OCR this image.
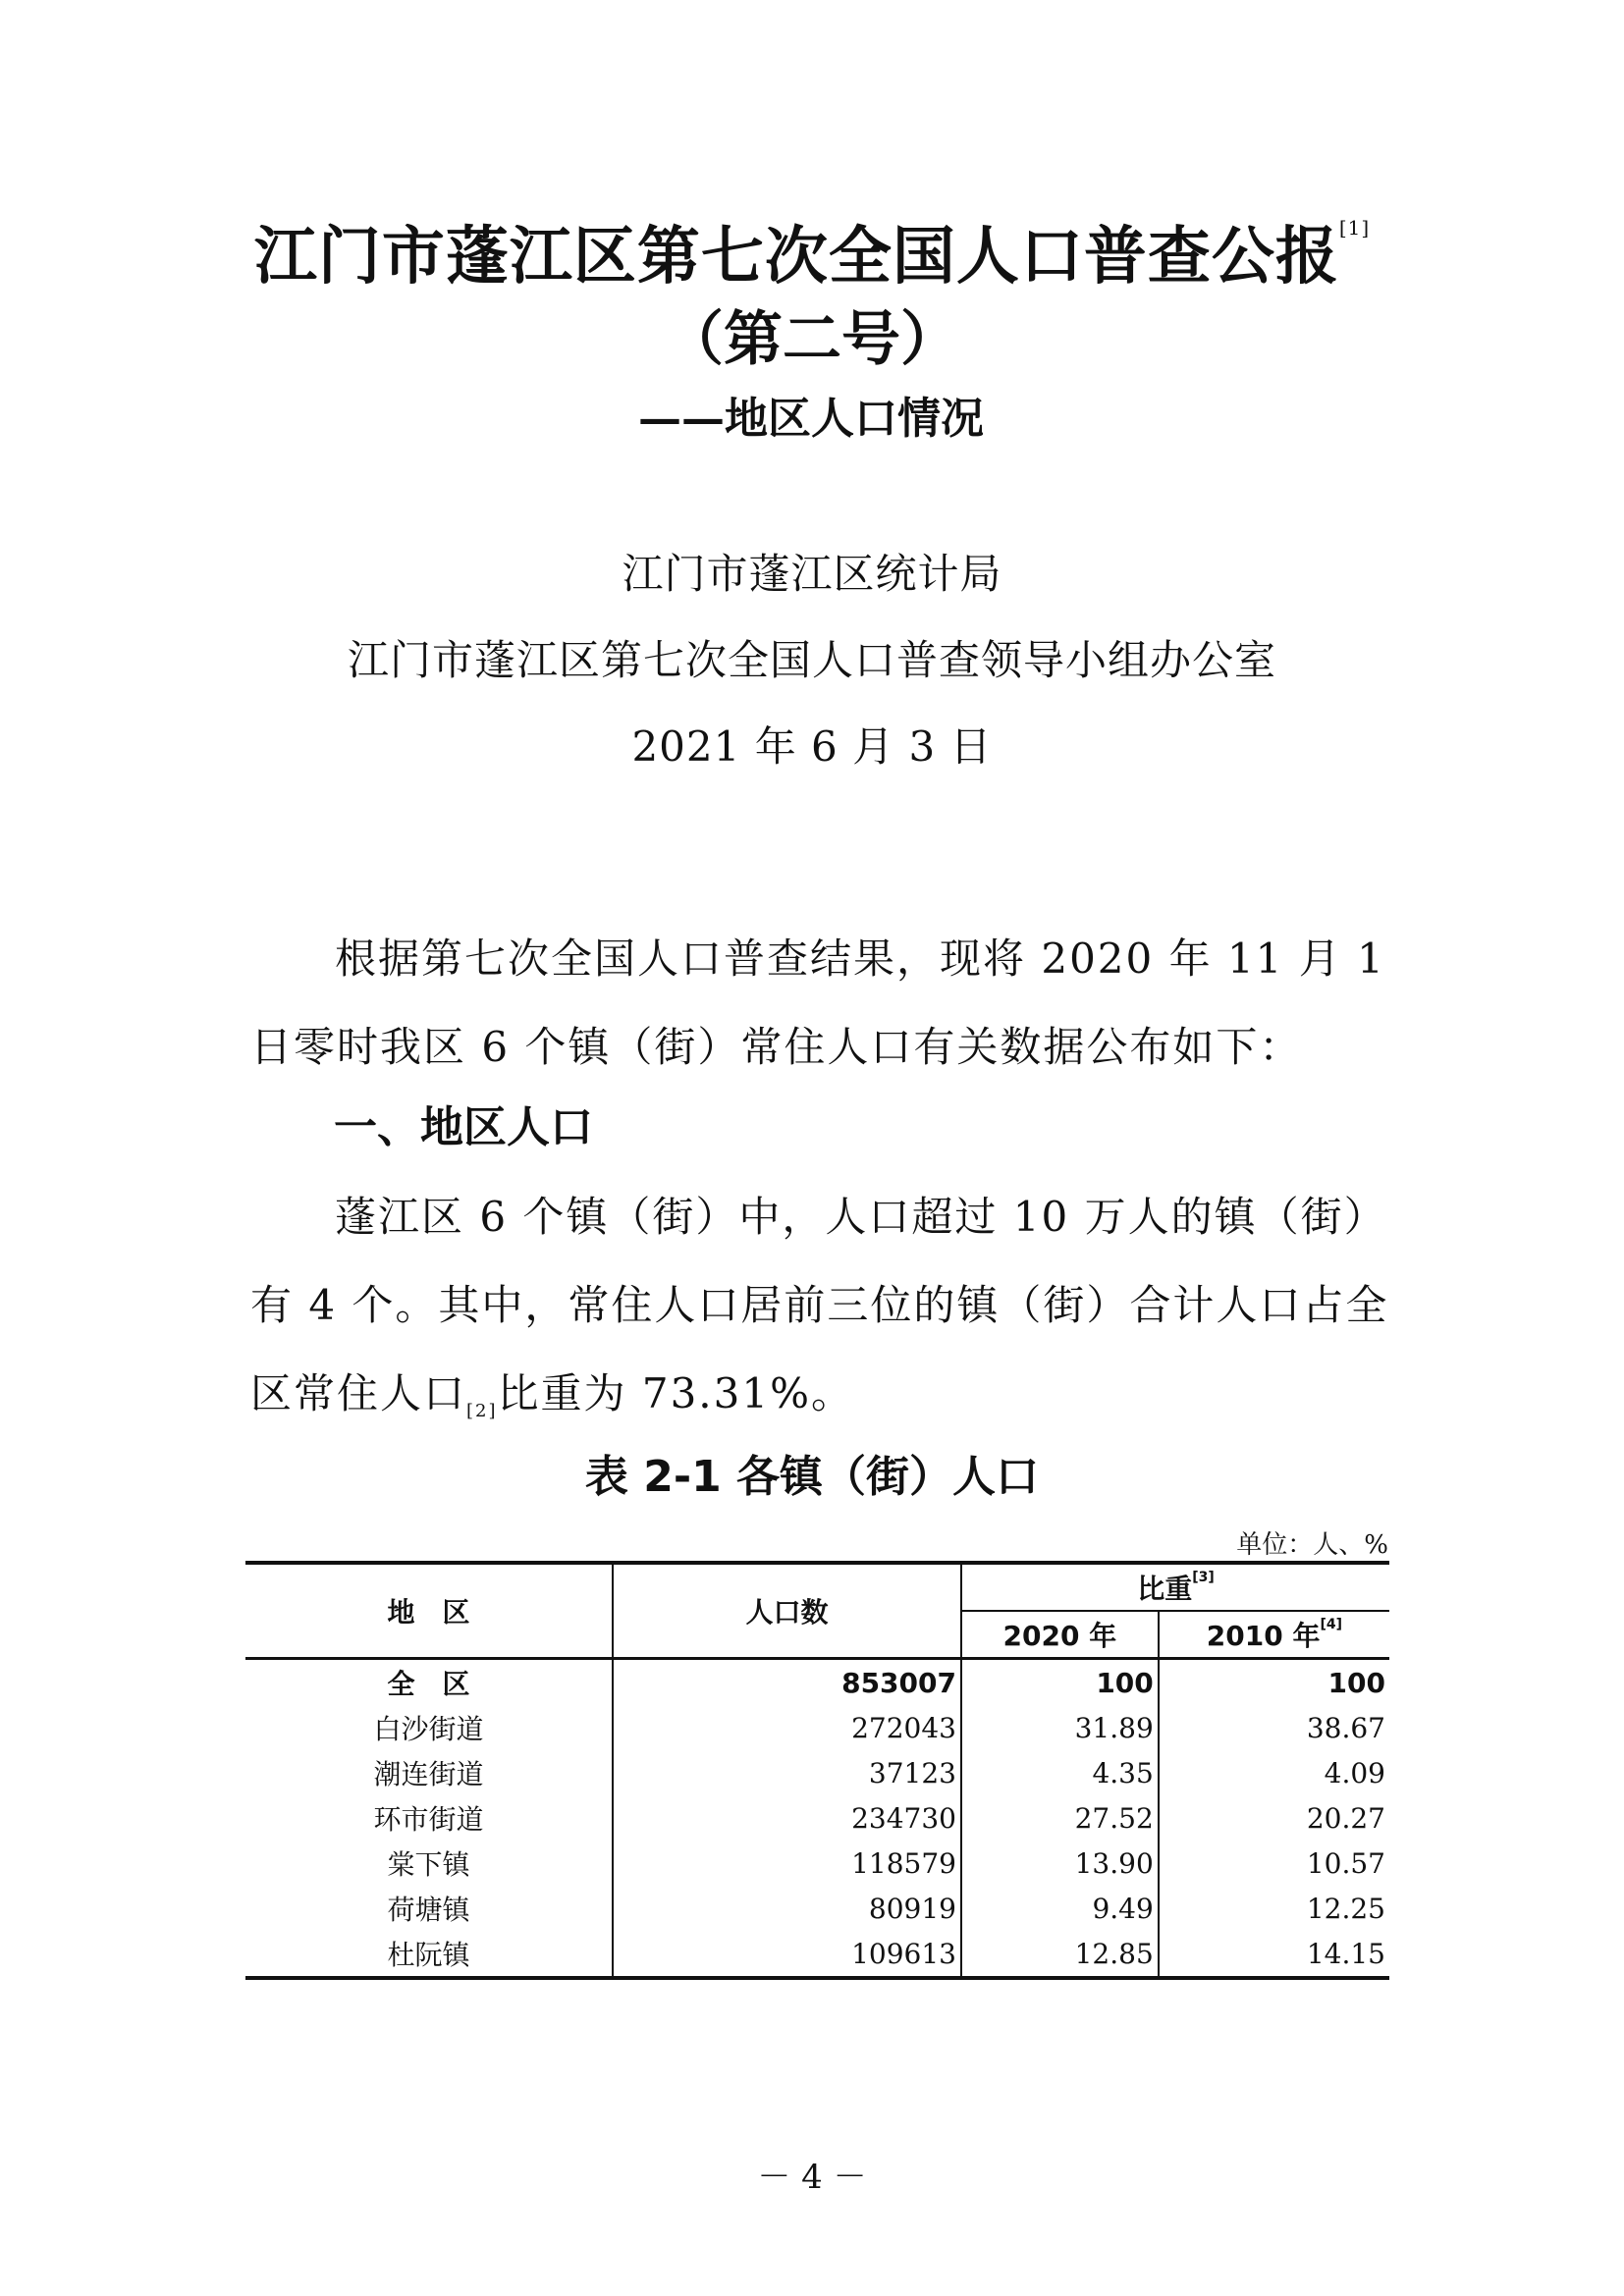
江门市蓬江区第七次全国人口普查公报[1]
（第二号）
——地区人口情况
江门市蓬江区统计局
江门市蓬江区第七次全国人口普查领导小组办公室
2021 年 6 月 3 日
根据第七次全国人口普查结果，现将 2020 年 11 月 1 日零时我区 6 个镇（街）常住人口有关数据公布如下：
一、地区人口
蓬江区 6 个镇（街）中，人口超过 10 万人的镇（街）有 4 个。其中，常住人口居前三位的镇（街）合计人口占全区常住人口[2]比重为 73.31%。
表 2-1 各镇（街）人口
单位：人、%
地　区	人口数	比重[3]
		2020 年	2010 年[4]
全　区	853007	100	100
白沙街道	272043	31.89	38.67
潮连街道	37123	4.35	4.09
环市街道	234730	27.52	20.27
棠下镇	118579	13.90	10.57
荷塘镇	80919	9.49	12.25
杜阮镇	109613	12.85	14.15
－ 4 －
